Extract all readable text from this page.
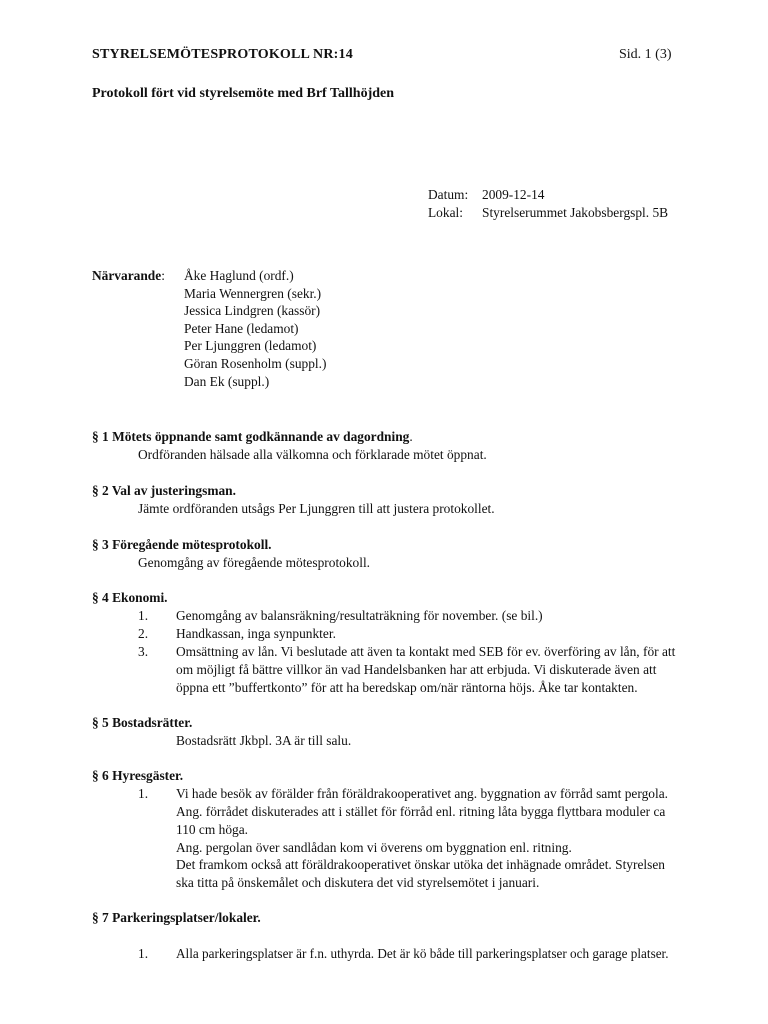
STYRELSEMÖTESPROTOKOLL NR:14	Sid. 1 (3)
Protokoll fört vid styrelsemöte med Brf Tallhöjden
Datum: 2009-12-14
Lokal: Styrelserummet Jakobsbergspl. 5B
Närvarande: Åke Haglund (ordf.)
Maria Wennergren (sekr.)
Jessica Lindgren (kassör)
Peter Hane (ledamot)
Per Ljunggren (ledamot)
Göran Rosenholm (suppl.)
Dan Ek (suppl.)
§ 1 Mötets öppnande samt godkännande av dagordning.
Ordföranden hälsade alla välkomna och förklarade mötet öppnat.
§ 2 Val av justeringsman.
Jämte ordföranden utsågs Per Ljunggren till att justera protokollet.
§ 3 Föregående mötesprotokoll.
Genomgång av föregående mötesprotokoll.
§ 4 Ekonomi.
1. Genomgång av balansräkning/resultaträkning för november. (se bil.)
2. Handkassan, inga synpunkter.
3. Omsättning av lån. Vi beslutade att även ta kontakt med SEB för ev. överföring av lån, för att
om möjligt få bättre villkor än vad Handelsbanken har att erbjuda. Vi diskuterade även att
öppna ett ”buffertkonto” för att ha beredskap om/när räntorna höjs. Åke tar kontakten.
§ 5 Bostadsrätter.
Bostadsrätt Jkbpl. 3A är till salu.
§ 6 Hyresgäster.
1. Vi hade besök av förälder från föräldrakooperativet ang. byggnation av förråd samt pergola.
Ang. förrådet diskuterades att i stället för förråd enl. ritning låta bygga flyttbara moduler ca
110 cm höga.
Ang. pergolan över sandlådan kom vi överens om byggnation enl. ritning.
Det framkom också att föräldrakooperativet önskar utöka det inhägnade området. Styrelsen
ska titta på önskemålet och diskutera det vid styrelsemötet i januari.
§ 7 Parkeringsplatser/lokaler.
1. Alla parkeringsplatser är f.n. uthyrda. Det är kö både till parkeringsplatser och garage platser.
